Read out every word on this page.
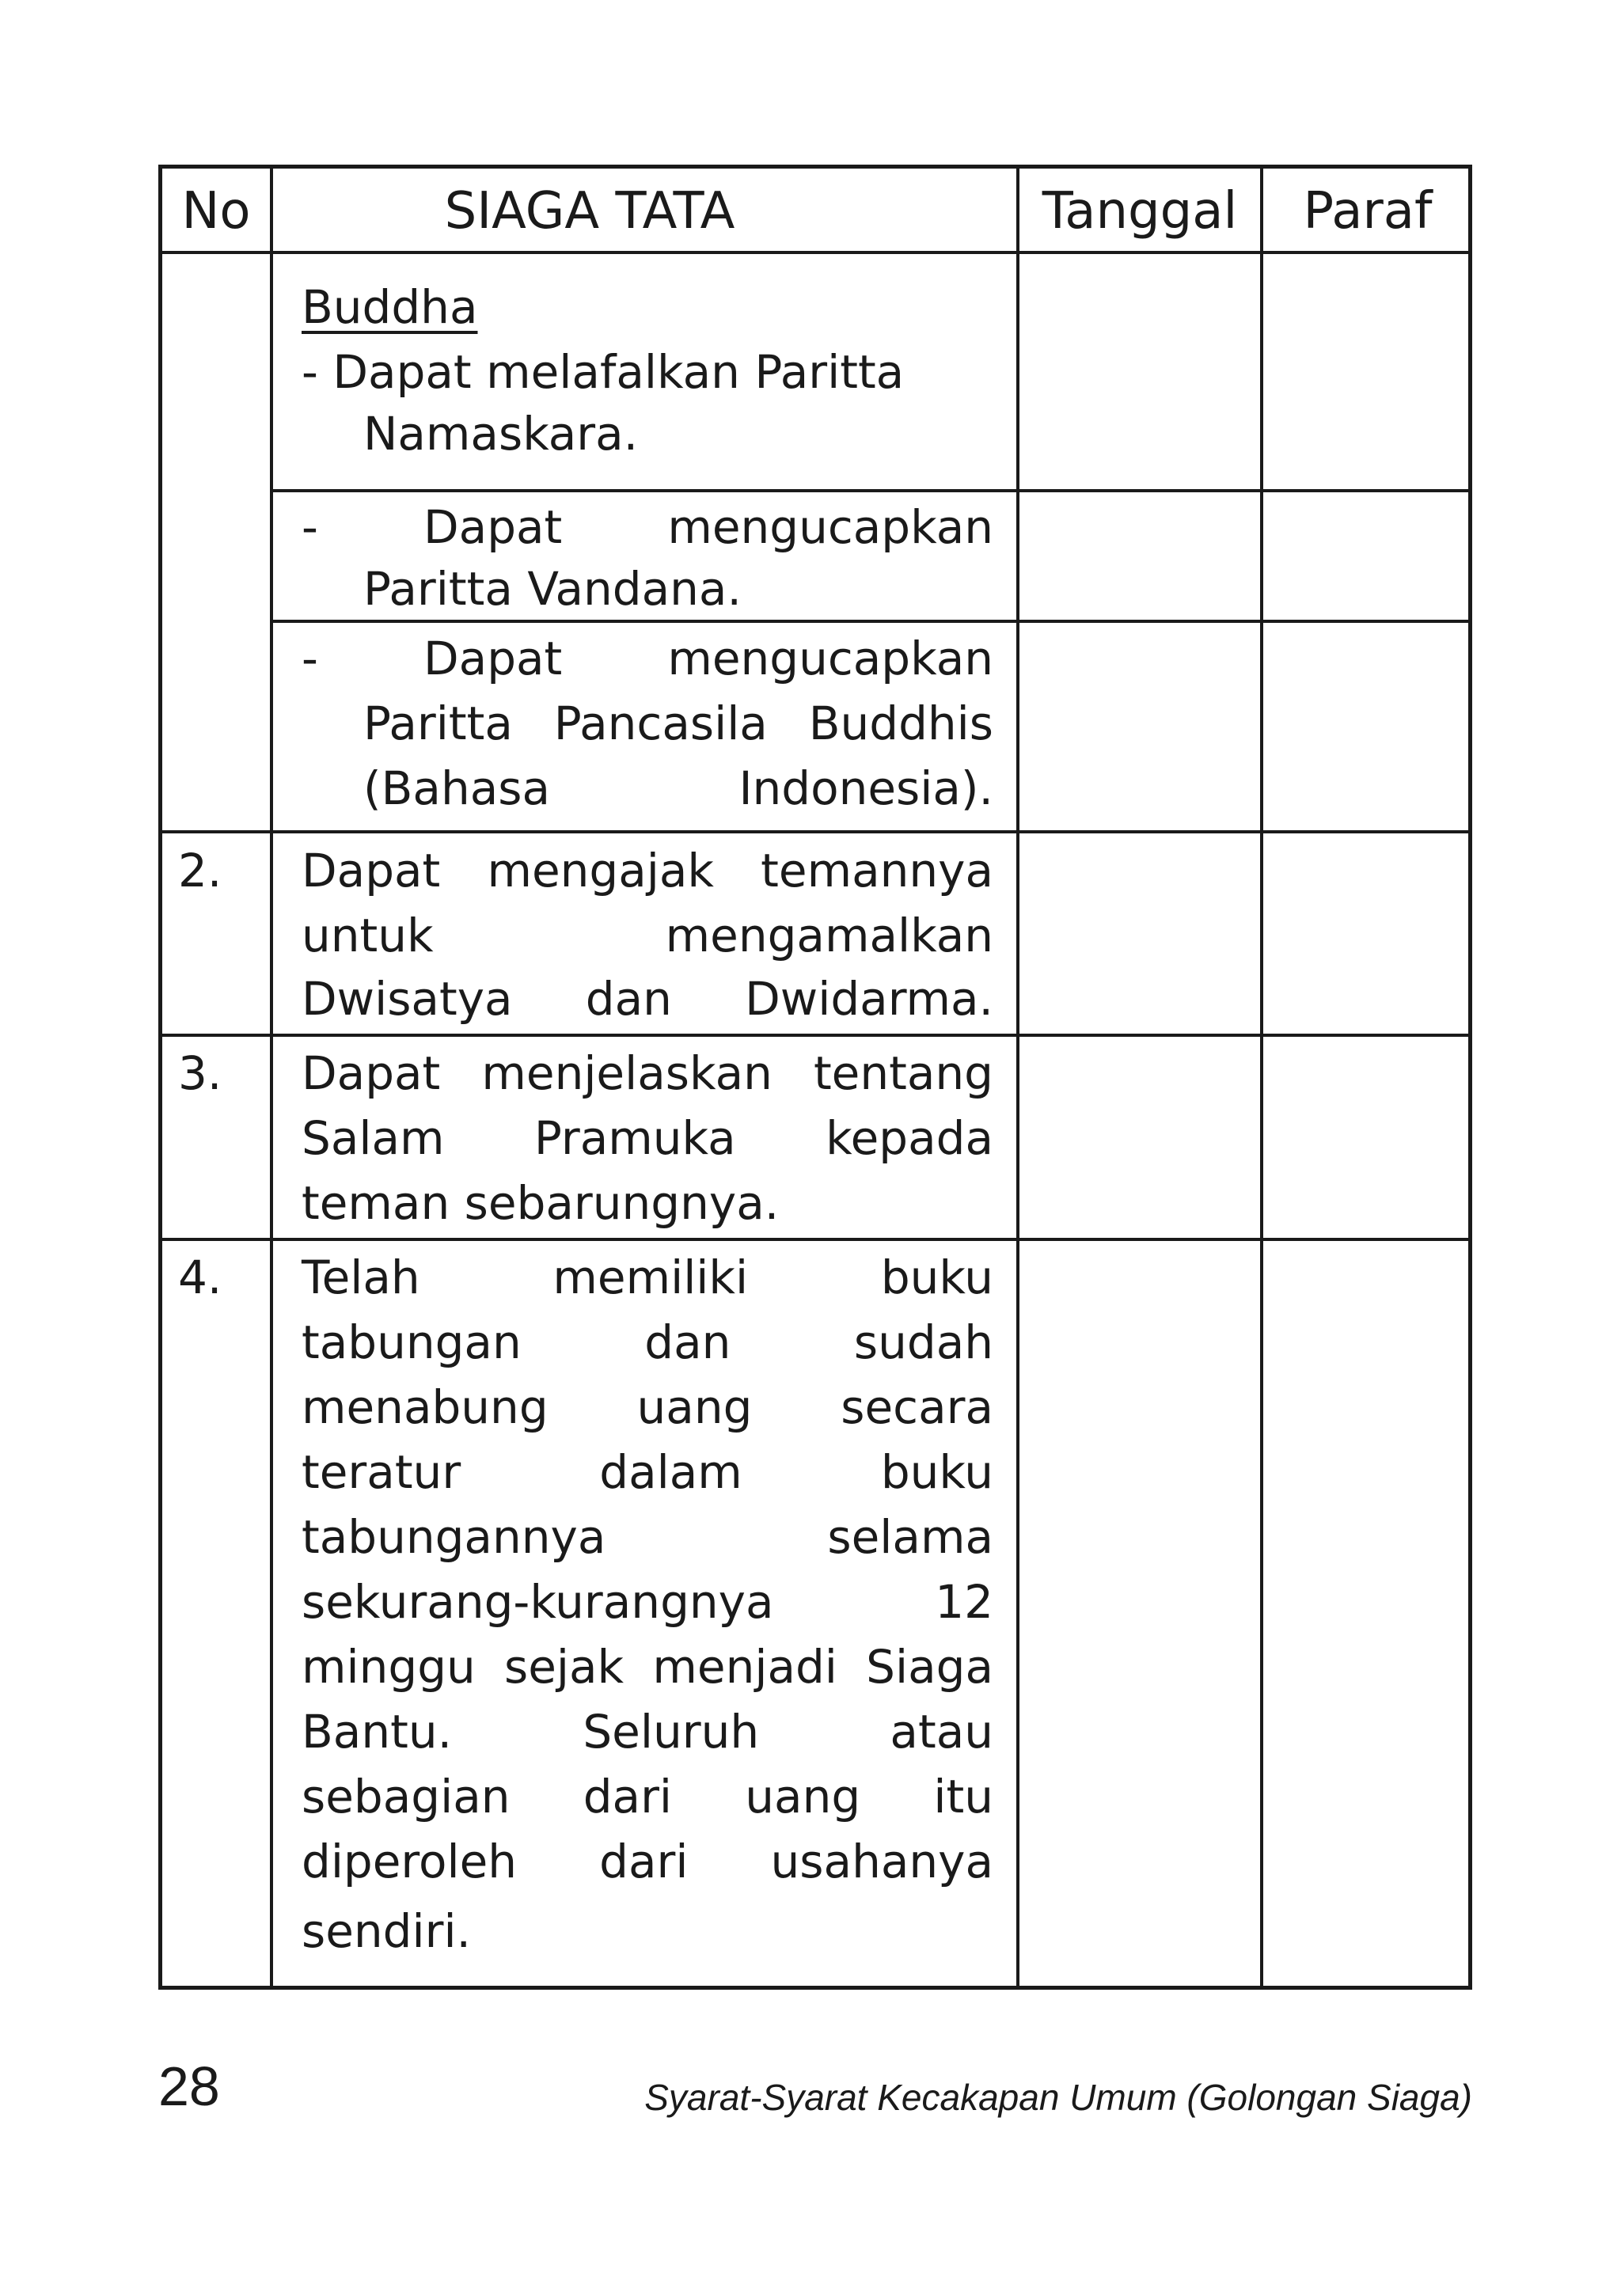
No	SIAGA TATA	Tanggal	Paraf
Buddha
- Dapat melafalkan Paritta
Namaskara.
- Dapat mengucapkan
Paritta Vandana.
- Dapat mengucapkan
Paritta Pancasila Buddhis
(Bahasa Indonesia).
2. Dapat mengajak temannya
untuk mengamalkan
Dwisatya dan Dwidarma.
3. Dapat menjelaskan tentang
Salam Pramuka kepada
teman sebarungnya.
4. Telah memiliki buku
tabungan dan sudah
menabung uang secara
teratur dalam buku
tabungannya selama
sekurang-kurangnya 12
minggu sejak menjadi Siaga
Bantu. Seluruh atau
sebagian dari uang itu
diperoleh dari usahanya
sendiri.
28	Syarat-Syarat Kecakapan Umum (Golongan Siaga)
